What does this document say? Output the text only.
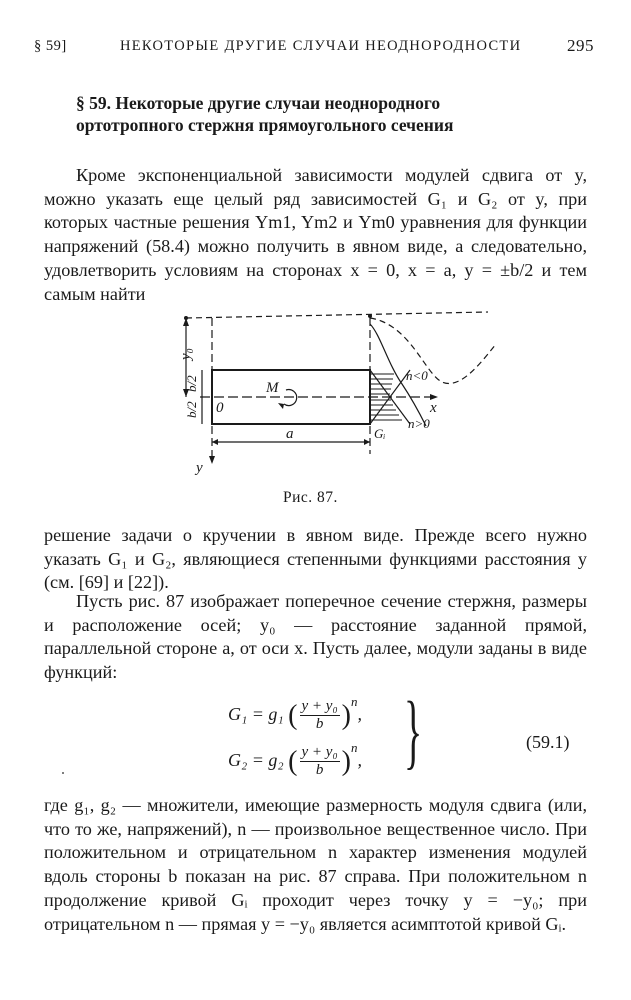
§ 59]	НЕКОТОРЫЕ ДРУГИЕ СЛУЧАИ НЕОДНОРОДНОСТИ	295
§ 59. Некоторые другие случаи неоднородного ортотропного стержня прямоугольного сечения
Кроме экспоненциальной зависимости модулей сдвига от y, можно указать еще целый ряд зависимостей G₁ и G₂ от y, при которых частные решения Ym1, Ym2 и Ym0 уравнения для функции напряжений (58.4) можно получить в явном виде, а следовательно, удовлетворить условиям на сторонах x = 0, x = a, y = ±b/2 и тем самым найти
y₀
b/2
b/2 0
M
a
x
y
Gᵢ
n<0
n>0
Рис. 87.
решение задачи о кручении в явном виде. Прежде всего нужно указать G₁ и G₂, являющиеся степенными функциями расстояния y (см. [69] и [22]).
Пусть рис. 87 изображает поперечное сечение стержня, размеры и расположение осей; y₀ — расстояние заданной прямой, параллельной стороне a, от оси x. Пусть далее, модули заданы в виде функций:
G₁ = g₁ ( $\frac{\text{y + y₀}}{b} )^n$,
G₂ = g₂ ( $\frac{\text{y + y₀}}{b} )^n$, }	(59.1)
где g₁, g₂ — множители, имеющие размерность модуля сдвига (или, что то же, напряжений), n — произвольное вещественное число. При положительном и отрицательном n характер изменения модулей вдоль стороны b показан на рис. 87 справа. При положительном n продолжение кривой Gᵢ проходит через точку y = −y₀; при отрицательном n — прямая y = −y₀ является асимптотой кривой Gᵢ.
